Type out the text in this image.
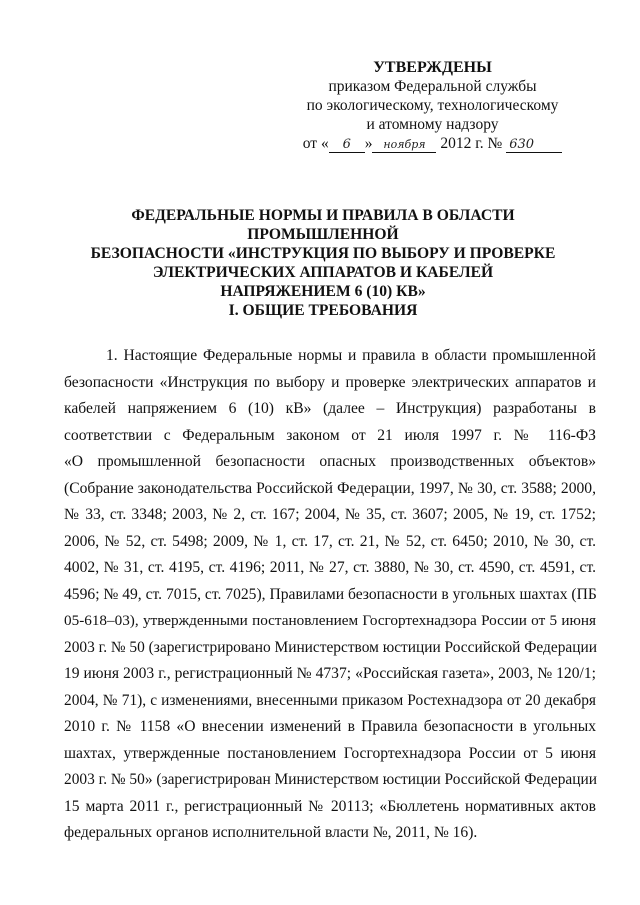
УТВЕРЖДЕНЫ
приказом Федеральной службы
по экологическому, технологическому
и атомному надзору
от « 6 » ноября 2012 г. № 630
ФЕДЕРАЛЬНЫЕ НОРМЫ И ПРАВИЛА В ОБЛАСТИ ПРОМЫШЛЕННОЙ
БЕЗОПАСНОСТИ «ИНСТРУКЦИЯ ПО ВЫБОРУ И ПРОВЕРКЕ
ЭЛЕКТРИЧЕСКИХ АППАРАТОВ И КАБЕЛЕЙ
НАПРЯЖЕНИЕМ 6 (10) КВ»
I. ОБЩИЕ ТРЕБОВАНИЯ
1. Настоящие Федеральные нормы и правила в области промышленной
безопасности «Инструкция по выбору и проверке электрических аппаратов и
кабелей напряжением 6 (10) кВ» (далее – Инструкция) разработаны в
соответствии с Федеральным законом от 21 июля 1997 г. № 116-ФЗ
«О промышленной безопасности опасных производственных объектов»
(Собрание законодательства Российской Федерации, 1997, № 30, ст. 3588; 2000,
№ 33, ст. 3348; 2003, № 2, ст. 167; 2004, № 35, ст. 3607; 2005, № 19, ст. 1752;
2006, № 52, ст. 5498; 2009, № 1, ст. 17, ст. 21, № 52, ст. 6450; 2010, № 30, ст.
4002, № 31, ст. 4195, ст. 4196; 2011, № 27, ст. 3880, № 30, ст. 4590, ст. 4591, ст.
4596; № 49, ст. 7015, ст. 7025), Правилами безопасности в угольных шахтах (ПБ
05-618–03), утвержденными постановлением Госгортехнадзора России от 5 июня
2003 г. № 50 (зарегистрировано Министерством юстиции Российской Федерации
19 июня 2003 г., регистрационный № 4737; «Российская газета», 2003, № 120/1;
2004, № 71), с изменениями, внесенными приказом Ростехнадзора от 20 декабря
2010 г. № 1158 «О внесении изменений в Правила безопасности в угольных
шахтах, утвержденные постановлением Госгортехнадзора России от 5 июня
2003 г. № 50» (зарегистрирован Министерством юстиции Российской Федерации
15 марта 2011 г., регистрационный № 20113; «Бюллетень нормативных актов
федеральных органов исполнительной власти №, 2011, № 16).
